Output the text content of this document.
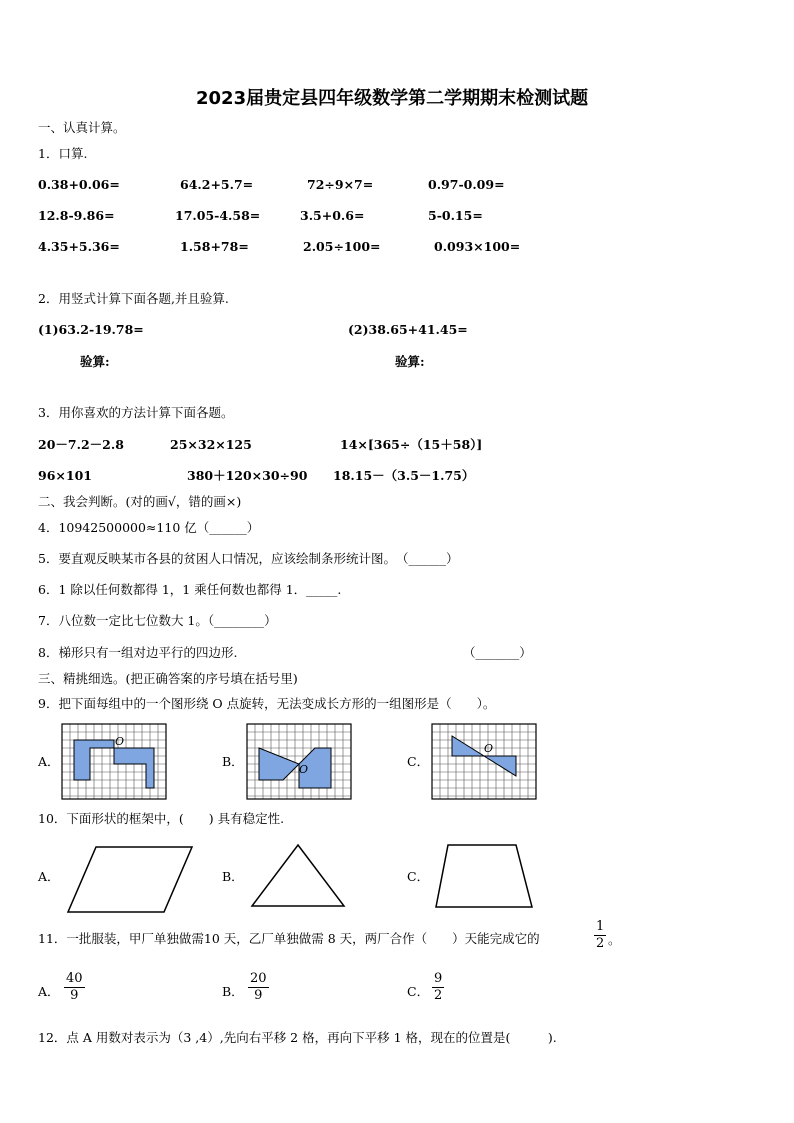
2023届贵定县四年级数学第二学期期末检测试题
一、认真计算。
1．口算.
0.38+0.06=	64.2+5.7=	72÷9×7=	0.97-0.09=
12.8-9.86=	17.05-4.58=	3.5+0.6=	5-0.15=
4.35+5.36=	1.58+78=	2.05÷100=	0.093×100=
2．用竖式计算下面各题,并且验算.
(1)63.2-19.78=	(2)38.65+41.45=
验算:	验算:
3．用你喜欢的方法计算下面各题。
20－7.2－2.8	25×32×125	14×[365÷（15＋58）]
96×101	380＋120×30÷90 18.15－（3.5－1.75）
二、我会判断。(对的画√，错的画×)
4．10942500000≈110 亿（______）
5．要直观反映某市各县的贫困人口情况，应该绘制条形统计图。　（______）
6．1 除以任何数都得 1，1 乘任何数也都得 1．_____.
7．八位数一定比七位数大 1。（________）
8．梯形只有一组对边平行的四边形.	（_______）
三、精挑细选。(把正确答案的序号填在括号里)
9．把下面每组中的一个图形绕 O 点旋转，无法变成长方形的一组图形是（　　）。
A．	B．	C．
O
O
O
10．下面形状的框架中，(　　) 具有稳定性.
A．	B．	C．
11．一批服装，甲厂单独做需10 天，乙厂单独做需 8 天，两厂合作（　　）天能完成它的
1
2 。
A．
40
9	B．
20
9	C．
9
2
12．点 A 用数对表示为（3 ,4）,先向右平移 2 格，再向下平移 1 格，现在的位置是(　　　).
